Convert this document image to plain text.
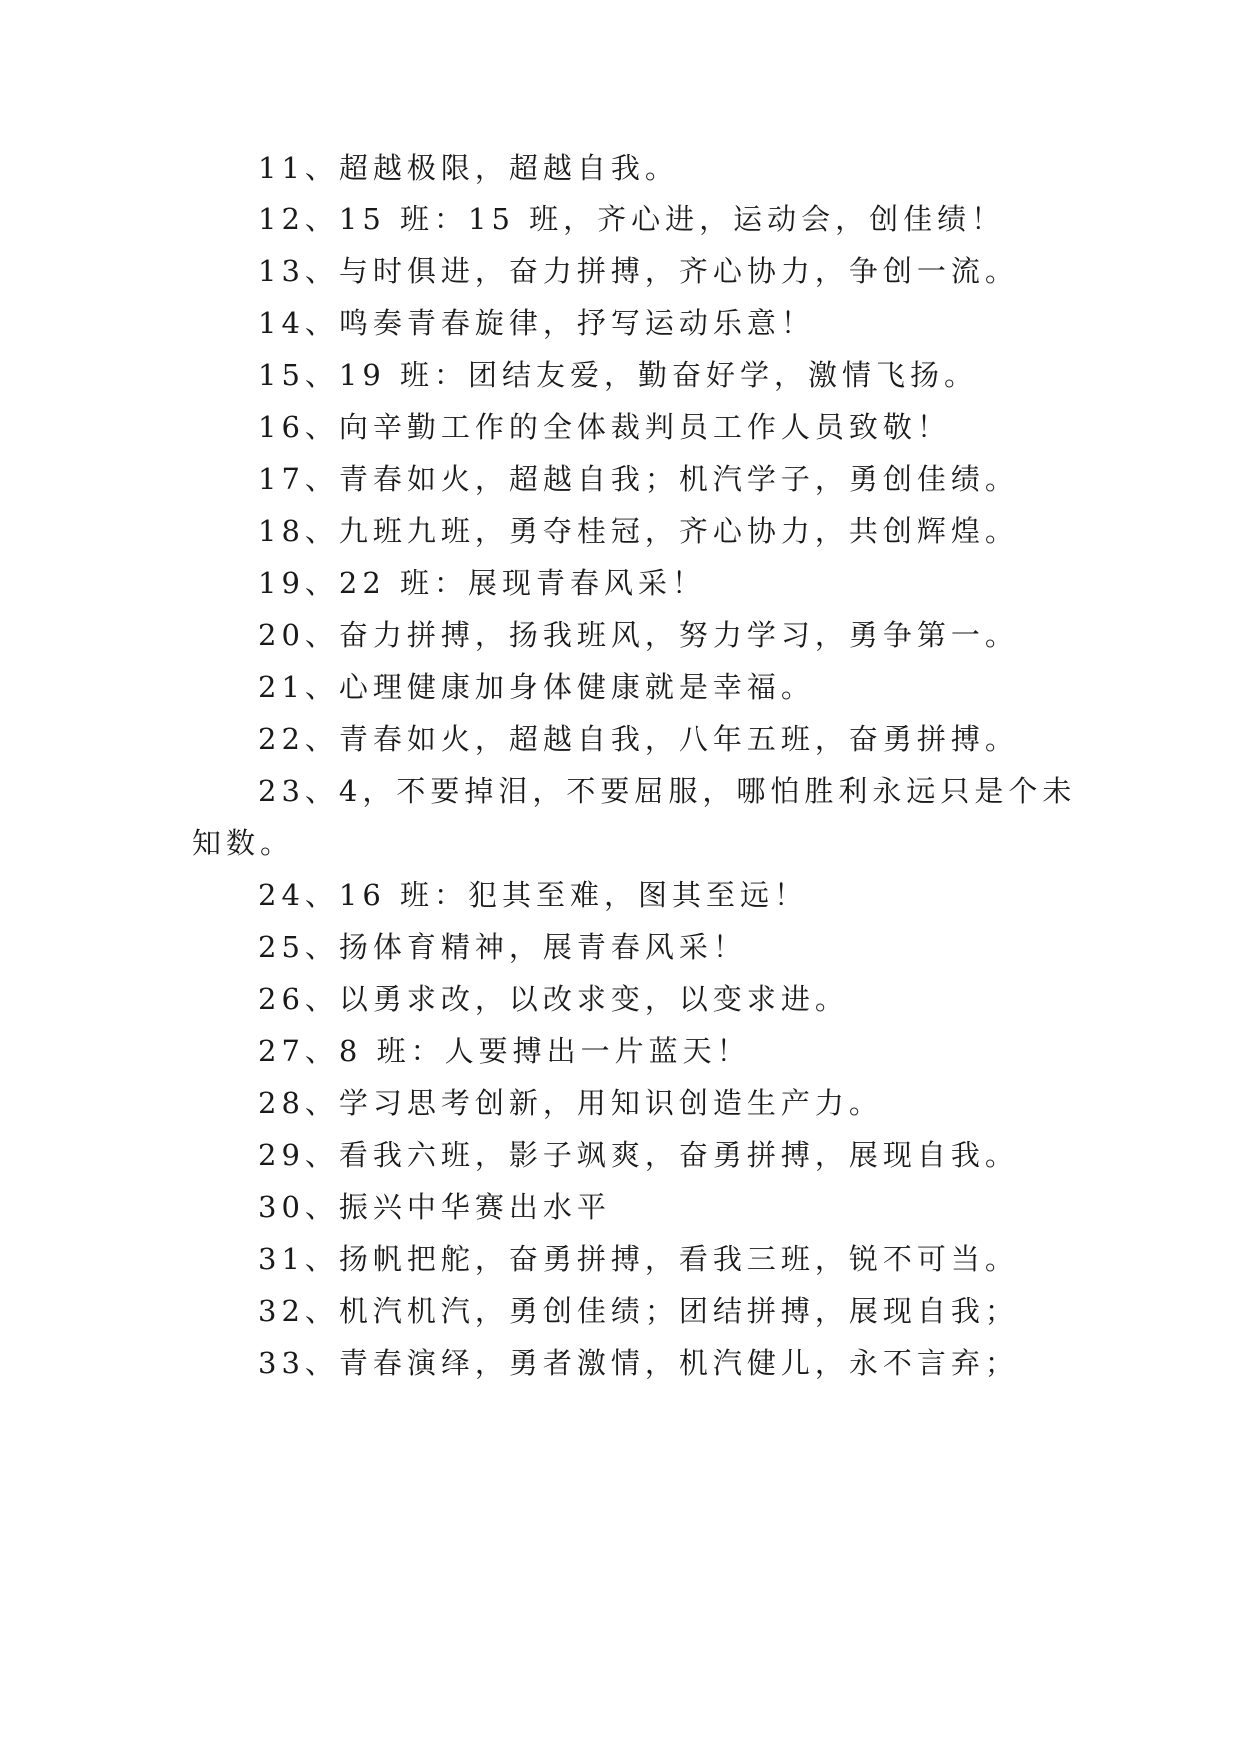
11、超越极限，超越自我。
12、15 班：15 班，齐心进，运动会，创佳绩！
13、与时俱进，奋力拼搏，齐心协力，争创一流。
14、鸣奏青春旋律，抒写运动乐意！
15、19 班：团结友爱，勤奋好学，激情飞扬。
16、向辛勤工作的全体裁判员工作人员致敬！
17、青春如火，超越自我；机汽学子，勇创佳绩。
18、九班九班，勇夺桂冠，齐心协力，共创辉煌。
19、22 班：展现青春风采！
20、奋力拼搏，扬我班风，努力学习，勇争第一。
21、心理健康加身体健康就是幸福。
22、青春如火，超越自我，八年五班，奋勇拼搏。
23、4，不要掉泪，不要屈服，哪怕胜利永远只是个未
知数。
24、16 班：犯其至难，图其至远！
25、扬体育精神，展青春风采！
26、以勇求改，以改求变，以变求进。
27、8 班：人要搏出一片蓝天！
28、学习思考创新，用知识创造生产力。
29、看我六班，影子飒爽，奋勇拼搏，展现自我。
30、振兴中华赛出水平
31、扬帆把舵，奋勇拼搏，看我三班，锐不可当。
32、机汽机汽，勇创佳绩；团结拼搏，展现自我；
33、青春演绎，勇者激情，机汽健儿，永不言弃；
